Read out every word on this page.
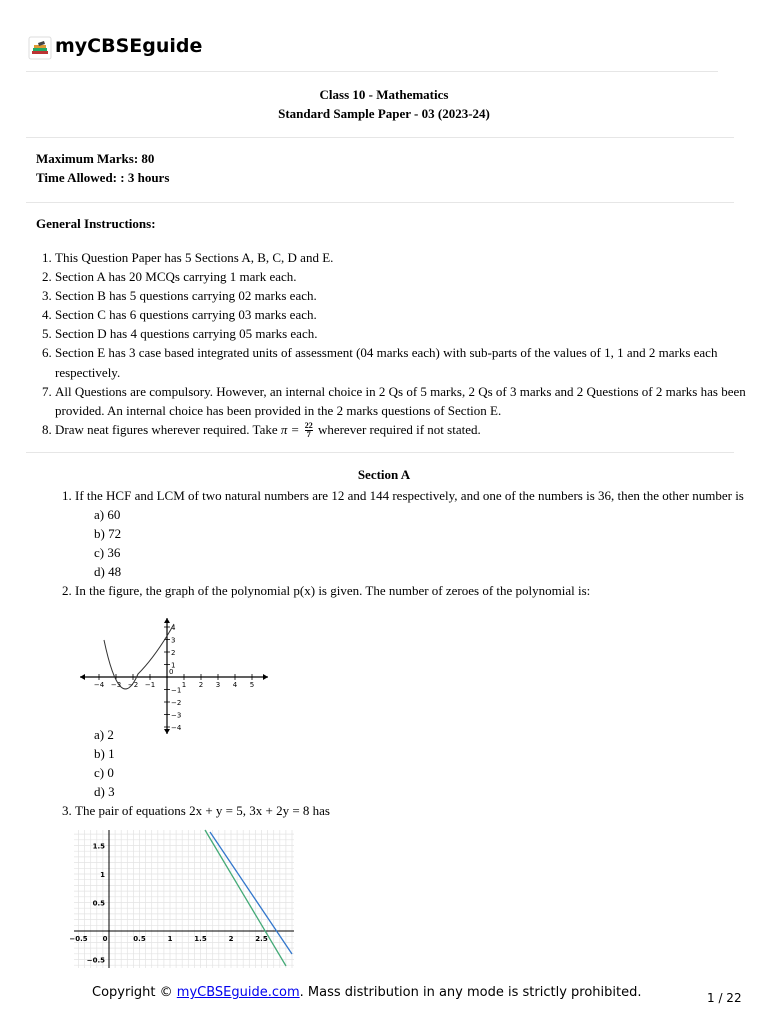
myCBSEguide
Class 10 - Mathematics
Standard Sample Paper - 03 (2023-24)
Maximum Marks: 80
Time Allowed: : 3 hours
General Instructions:
1. This Question Paper has 5 Sections A, B, C, D and E.
2. Section A has 20 MCQs carrying 1 mark each.
3. Section B has 5 questions carrying 02 marks each.
4. Section C has 6 questions carrying 03 marks each.
5. Section D has 4 questions carrying 05 marks each.
6. Section E has 3 case based integrated units of assessment (04 marks each) with sub-parts of the values of 1, 1 and 2 marks each respectively.
7. All Questions are compulsory. However, an internal choice in 2 Qs of 5 marks, 2 Qs of 3 marks and 2 Questions of 2 marks has been provided. An internal choice has been provided in the 2 marks questions of Section E.
8. Draw neat figures wherever required. Take $\pi = \frac{22}{7}$ wherever required if not stated.
Section A
1. If the HCF and LCM of two natural numbers are 12 and 144 respectively, and one of the numbers is 36, then the other number is
a) 60
b) 72
c) 36
d) 48
2. In the figure, the graph of the polynomial p(x) is given. The number of zeroes of the polynomial is:
a) 2
b) 1
c) 0
d) 3
3. The pair of equations 2x + y = 5, 3x + 2y = 8 has
−4 −3 −2 −1
0
1 2 3 4 5
1
2
3
4
−1
−2
−3
−4
−0.5 0	0.5	1	1.5	2	2.5
1.5
1
0.5
−0.5
Copyright © myCBSEguide.com. Mass distribution in any mode is strictly prohibited.	1 / 22
